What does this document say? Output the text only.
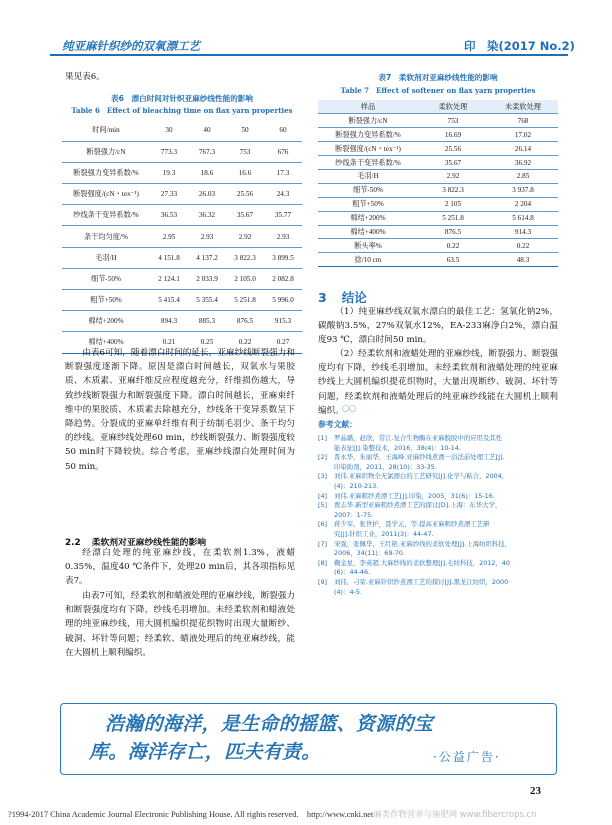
纯亚麻针织纱的双氧漂工艺	印　染(2017 No.2)
果见表6。
表6　漂白时间对针织亚麻纱线性能的影响
Table 6　Effect of bleaching time on flax yarn properties
时间/min	30	40	50	60
断裂强力/cN	773.3	767.3	753	676
断裂强力变异系数/%	19.3	18.6	16.6	17.3
断裂强度/(cN・tex⁻¹)	27.33	26.03	25.56	24.3
纱线条干变异系数/%	36.53	36.32	35.67	35.77
条干均匀度/%	2.95	2.93	2.92	2.93
毛羽/H	4 151.8	4 137.2	3 822.3	3 899.5
细节-50%	2 124.1	2 033.9	2 105.0	2 082.8
粗节+50%	5 415.4	5 355.4	5 251.8	5 996.0
棉结+200%	894.3	885.3	876.5	915.3
棉结+400%	0.21	0.25	0.22	0.27
由表6可知，随着漂白时间的延长，亚麻纱线断裂强力和断裂强度逐渐下降。原因是漂白时间越长，双氧水与果胶质、木质素、亚麻纤维反应程度越充分，纤维损伤越大，导致纱线断裂强力和断裂强度下降。漂白时间越长，亚麻束纤维中的果胶质、木质素去除越充分，纱线条干变异系数呈下降趋势。分裂成的亚麻单纤维有利于纺制毛羽少、条干均匀的纱线。亚麻纱线处理60 min，纱线断裂强力、断裂强度较50 min时下降较快。综合考虑，亚麻纱线漂白处理时间为50 min。
2.2 柔软剂对亚麻纱线性能的影响
经漂白处理的纯亚麻纱线，在柔软剂1.3%，液蜡0.35%，温度40 ℃条件下，处理20 min后，其各项指标见表7。
由表7可知，经柔软剂和蜡液处理的亚麻纱线，断裂强力和断裂强度均有下降，纱线毛羽增加。未经柔软剂和蜡液处理的纯亚麻纱线，用大圆机编织提花织物时出现大量断纱、破洞、坏针等问题；经柔软、蜡液处理后的纯亚麻纱线，能在大圆机上顺利编织。
表7　柔软剂对亚麻纱线性能的影响
Table 7　Effect of softener on flax yarn properties
样品	柔软处理	未柔软处理
断裂强力/cN	753	768
断裂强力变异系数/%	16.69	17.02
断裂强度/(cN・tex⁻¹)	25.56	26.14
纱线条干变异系数/%	35.67	36.92
毛羽/H	2.92	2.85
细节-50%	3 822.3	3 937.8
粗节+50%	2 105	2 204
棉结+200%	5 251.8	5 614.8
棉结+400%	876.5	914.3
断头率%	0.22	0.22
捻/10 cm	63.5	48.3
3 结论
（1）纯亚麻纱线双氧水漂白的最佳工艺：氢氧化钠2%，碳酸钠3.5%，27%双氧水12%，EA-233麻净白2%，漂白温度93 ℃，漂白时间50 min。
（2）经柔软剂和液蜡处理的亚麻纱线，断裂强力、断裂强度均有下降，纱线毛羽增加。未经柔软剂和液蜡处理的纯亚麻纱线上大圆机编织提花织物时，大量出现断纱、破洞、坏针等问题，经柔软剂和液蜡处理后的纯亚麻纱线能在大圆机上顺利编织。
〇〇
参考文献：
[1] 罗晶璐，赵欣，常江.复合生物酶在亚麻脱胶中的应用及其性
能表征[J].染整技术，2016，38(4)：10-14.
[2] 晋永华，朱丽华，王海峰.亚麻纱线煮漂一浴法前处理工艺[J].
印染助剂，2011，28(10)：33-35.
[3] 刘伟.亚麻织物全无氯漂白的工艺研究[J].化学与粘合，2004，
(4)：210-213.
[4] 刘伟.亚麻粗纱煮漂工艺[J].印染，2005，31(6)：15-16.
[5] 贾志华.新型亚麻粗纱煮漂工艺的探讨[D].上海：东华大学，
2007：1-75.
[6] 蒋少军，张世护，聂学元，等.提高亚麻粗纱煮漂工艺研
究[J].针织工业，2011(3)：44-47.
[7] 宋强，张佩华，王红艳.亚麻纱线的柔软处理[J].上海纺织科技，
2006，34(11)：69-70.
[8] 鞠金星，李英超.大麻纱线的柔软整理[J].毛纺科技，2012，40
(6)：44-46.
[9] 刘伟，刁荣.亚麻针织纱煮漂工艺的探讨[J].黑龙江纺织，2000
(4)：4-5.
浩瀚的海洋，是生命的摇篮、资源的宝
库。海洋存亡，匹夫有责。	·公益广告·
23
?1994-2017 China Academic Journal Electronic Publishing House. All rights reserved.　http://www.cnki.net麻类作物营养与施肥网 www.fibercrops.cn
